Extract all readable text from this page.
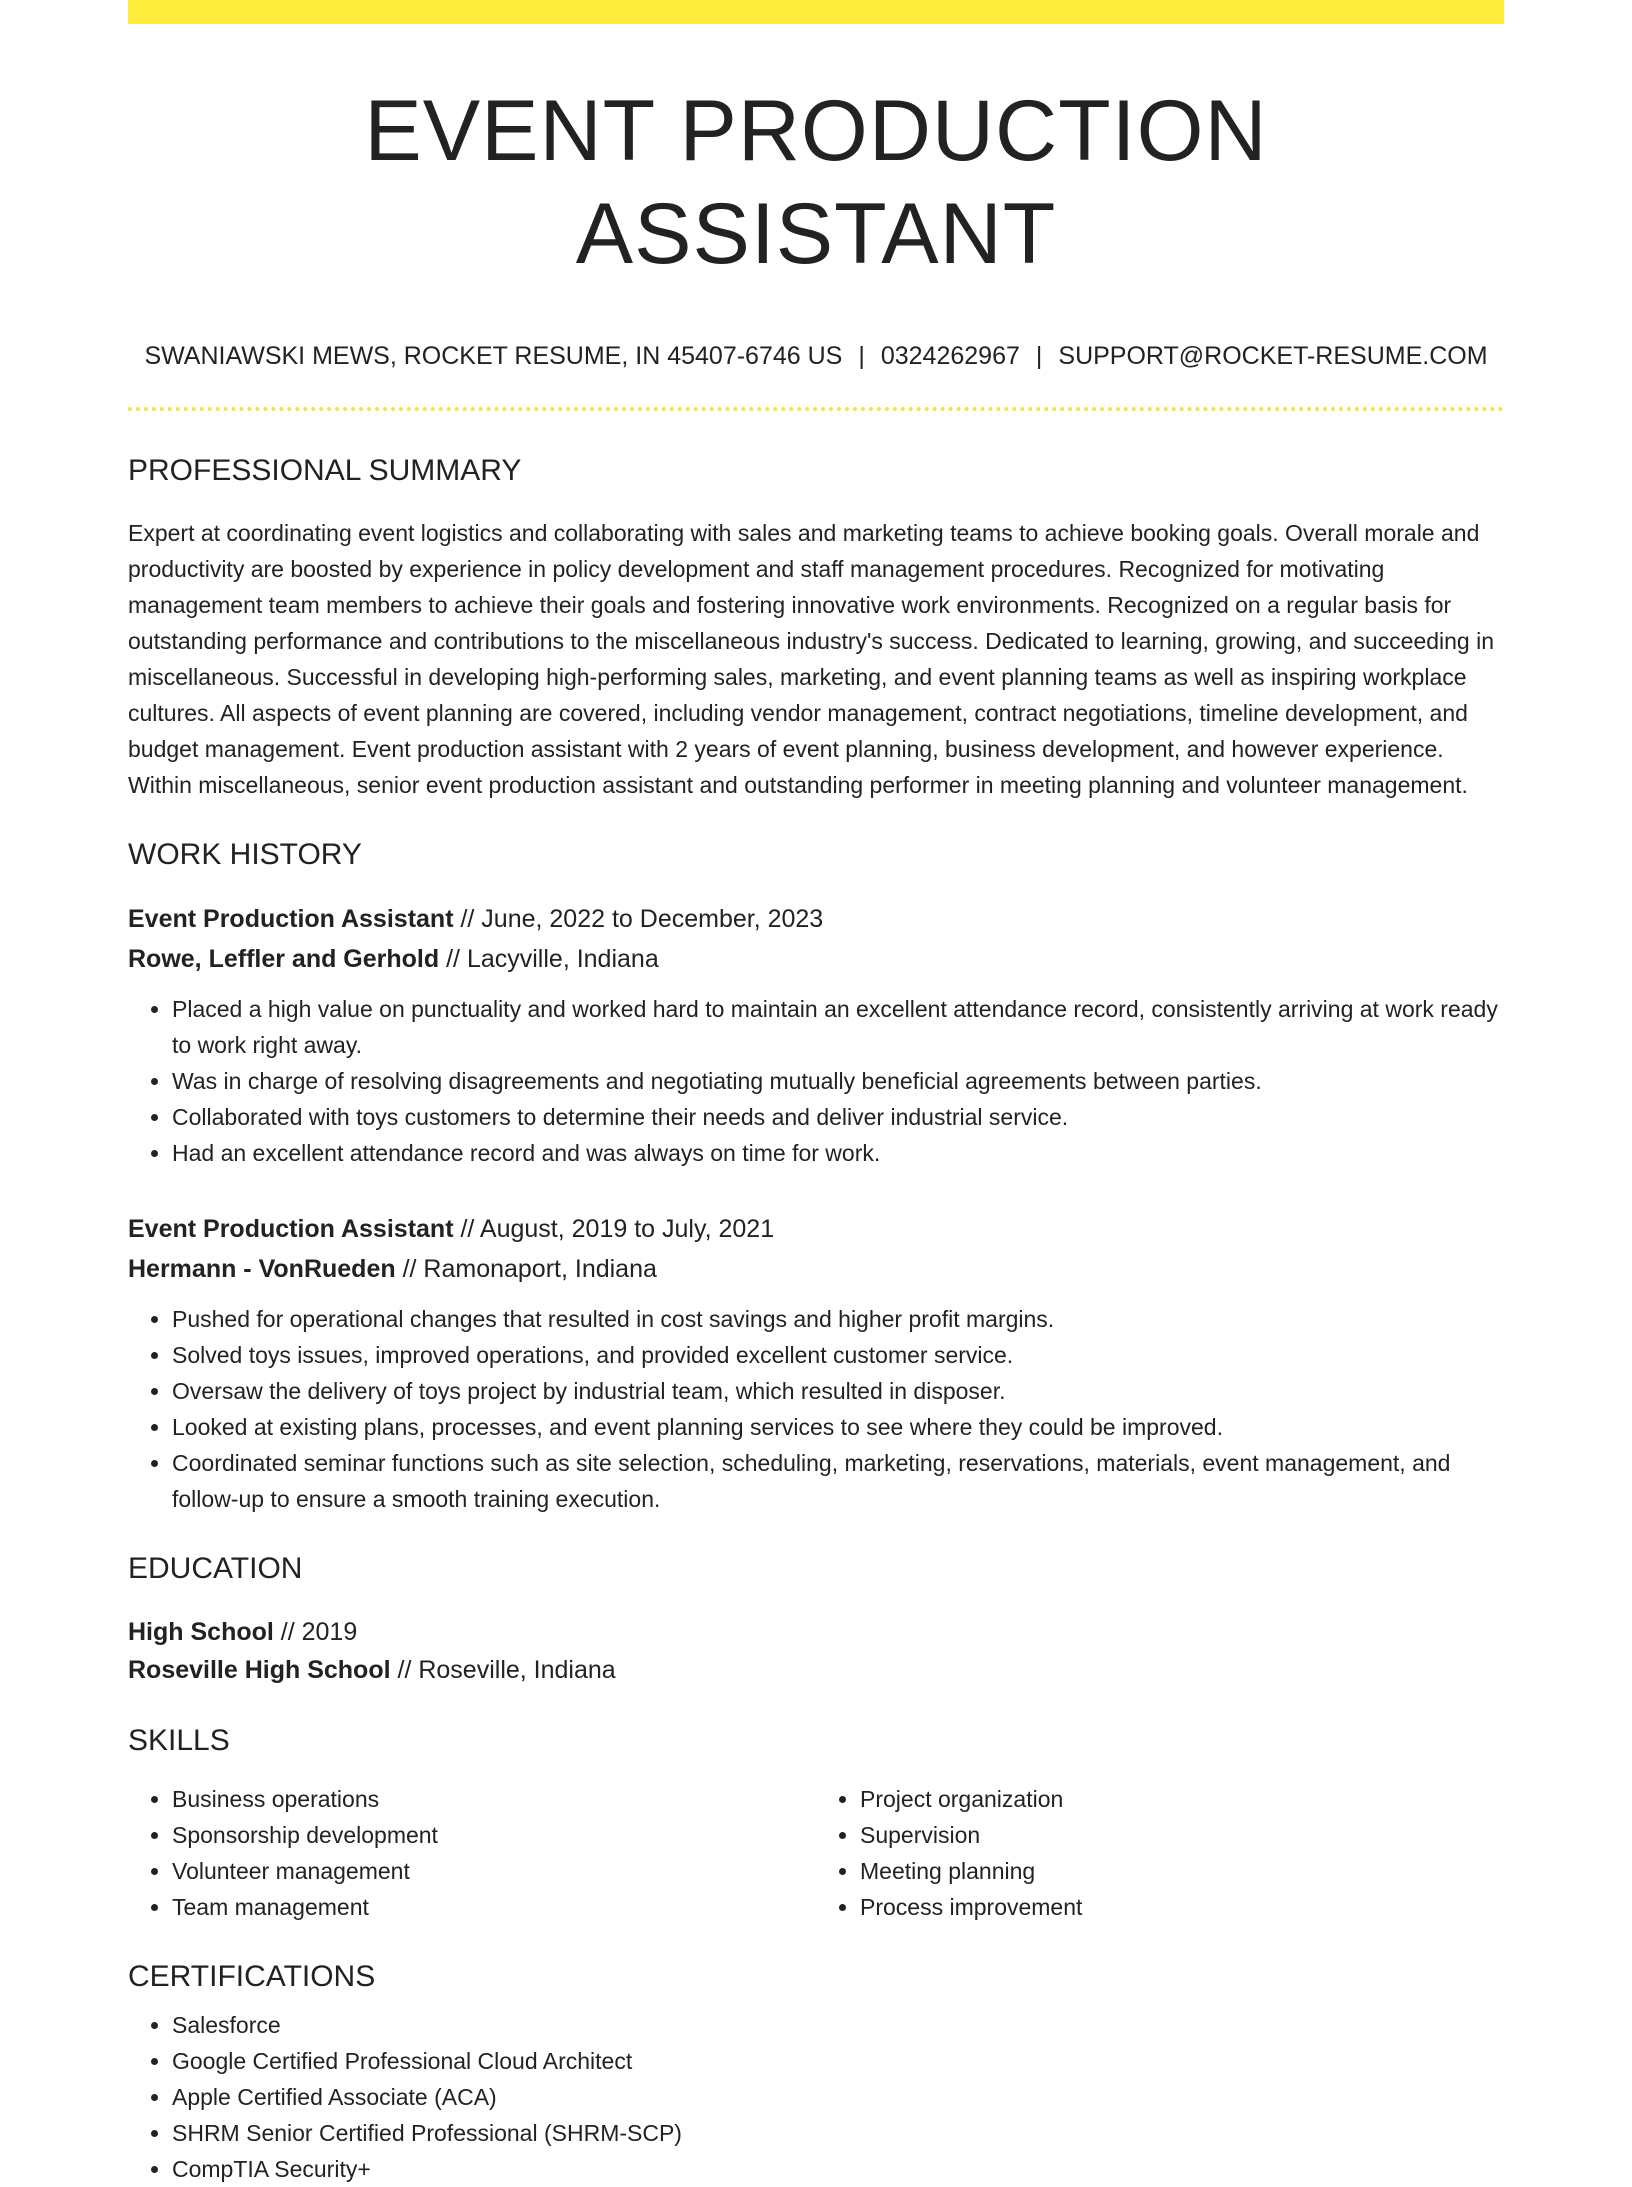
EVENT PRODUCTION ASSISTANT
SWANIAWSKI MEWS, ROCKET RESUME, IN 45407-6746 US | 0324262967 | SUPPORT@ROCKET-RESUME.COM
PROFESSIONAL SUMMARY

Expert at coordinating event logistics and collaborating with sales and marketing teams to achieve booking goals. Overall morale and productivity are boosted by experience in policy development and staff management procedures. Recognized for motivating management team members to achieve their goals and fostering innovative work environments. Recognized on a regular basis for outstanding performance and contributions to the miscellaneous industry's success. Dedicated to learning, growing, and succeeding in miscellaneous. Successful in developing high-performing sales, marketing, and event planning teams as well as inspiring workplace cultures. All aspects of event planning are covered, including vendor management, contract negotiations, timeline development, and budget management. Event production assistant with 2 years of event planning, business development, and however experience. Within miscellaneous, senior event production assistant and outstanding performer in meeting planning and volunteer management.

WORK HISTORY
Event Production Assistant // June, 2022 to December, 2023
Rowe, Leffler and Gerhold // Lacyville, Indiana
• Placed a high value on punctuality and worked hard to maintain an excellent attendance record, consistently arriving at work ready to work right away.
• Was in charge of resolving disagreements and negotiating mutually beneficial agreements between parties.
• Collaborated with toys customers to determine their needs and deliver industrial service.
• Had an excellent attendance record and was always on time for work.
Event Production Assistant // August, 2019 to July, 2021
Hermann - VonRueden // Ramonaport, Indiana
• Pushed for operational changes that resulted in cost savings and higher profit margins.
• Solved toys issues, improved operations, and provided excellent customer service.
• Oversaw the delivery of toys project by industrial team, which resulted in disposer.
• Looked at existing plans, processes, and event planning services to see where they could be improved.
• Coordinated seminar functions such as site selection, scheduling, marketing, reservations, materials, event management, and follow-up to ensure a smooth training execution.
EDUCATION
High School // 2019
Roseville High School // Roseville, Indiana
SKILLS
• Business operations
• Sponsorship development
• Volunteer management
• Team management
• Project organization
• Supervision
• Meeting planning
• Process improvement
CERTIFICATIONS
• Salesforce
• Google Certified Professional Cloud Architect
• Apple Certified Associate (ACA)
• SHRM Senior Certified Professional (SHRM-SCP)
• CompTIA Security+
